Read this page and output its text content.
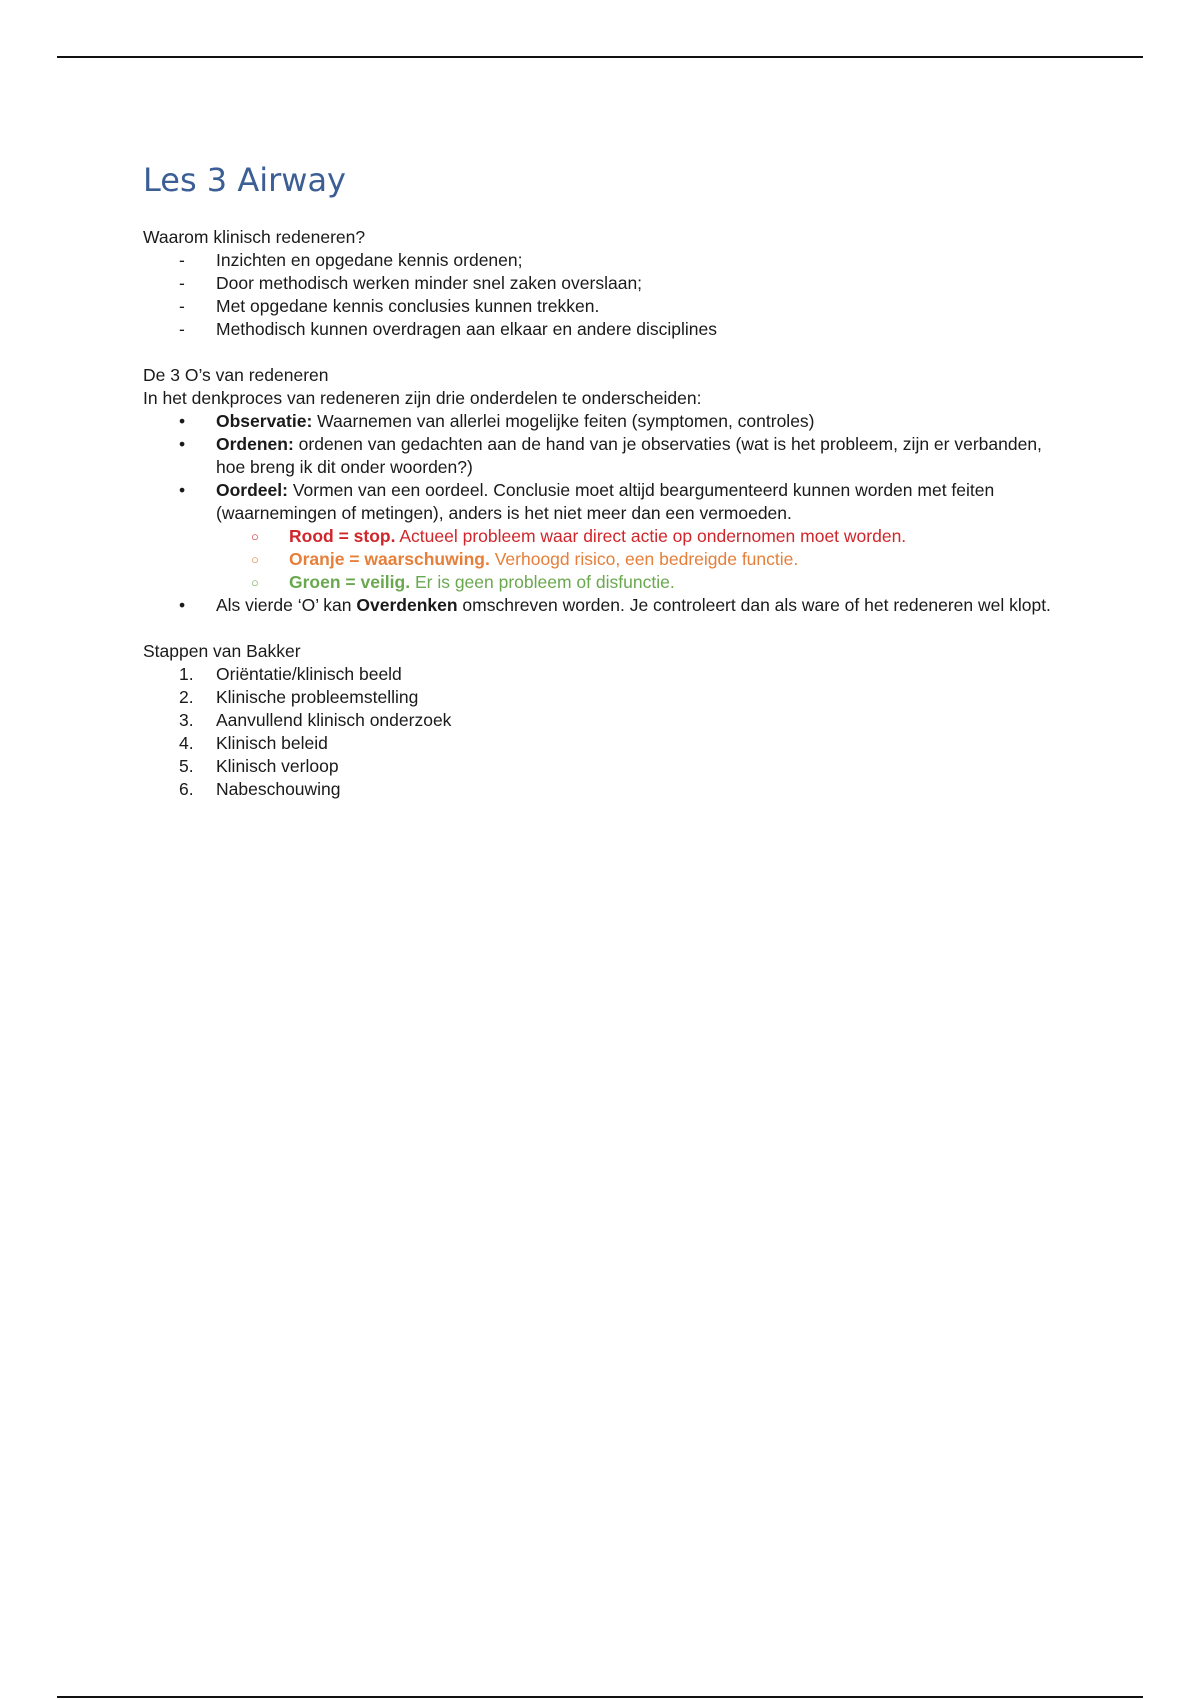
Les 3 Airway

Waarom klinisch redeneren?

- Inzichten en opgedane kennis ordenen;
- Door methodisch werken minder snel zaken overslaan;
- Met opgedane kennis conclusies kunnen trekken.
- Methodisch kunnen overdragen aan elkaar en andere disciplines

De 3 O’s van redeneren

In het denkproces van redeneren zijn drie onderdelen te onderscheiden:

• Observatie: Waarnemen van allerlei mogelijke feiten (symptomen, controles)
• Ordenen: ordenen van gedachten aan de hand van je observaties (wat is het probleem, zijn er verbanden, hoe breng ik dit onder woorden?)
• Oordeel: Vormen van een oordeel. Conclusie moet altijd beargumenteerd kunnen worden met feiten (waarnemingen of metingen), anders is het niet meer dan een vermoeden.
○ Rood = stop. Actueel probleem waar direct actie op ondernomen moet worden.
○ Oranje = waarschuwing. Verhoogd risico, een bedreigde functie.
○ Groen = veilig. Er is geen probleem of disfunctie.
• Als vierde ‘O’ kan Overdenken omschreven worden. Je controleert dan als ware of het redeneren wel klopt.

Stappen van Bakker

1. Oriëntatie/klinisch beeld
2. Klinische probleemstelling
3. Aanvullend klinisch onderzoek
4. Klinisch beleid
5. Klinisch verloop
6. Nabeschouwing
